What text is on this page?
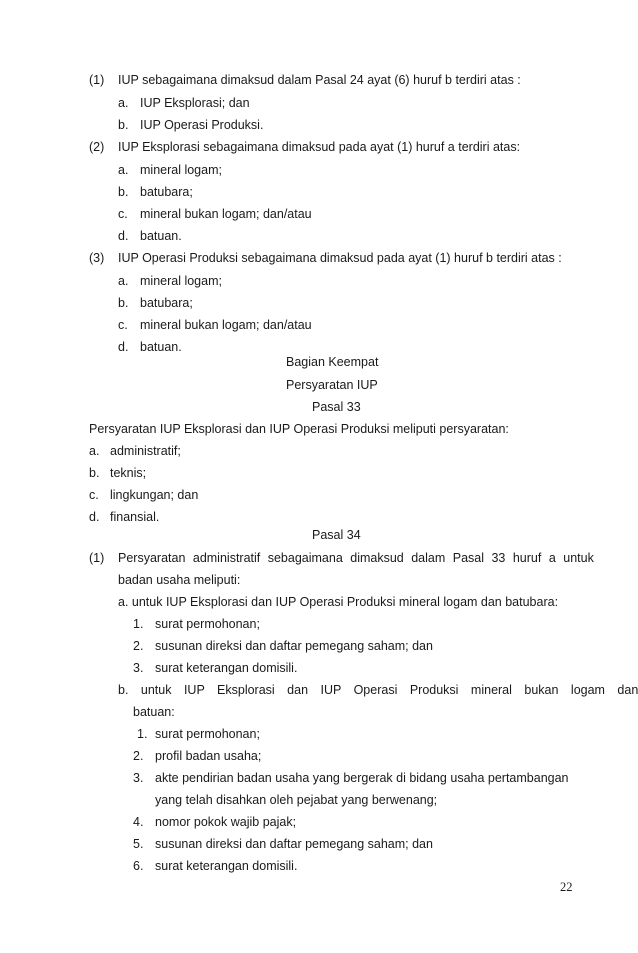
(1) IUP sebagaimana dimaksud dalam Pasal 24 ayat (6) huruf b terdiri atas :
a. IUP Eksplorasi; dan
b. IUP Operasi Produksi.
(2) IUP Eksplorasi sebagaimana dimaksud pada ayat (1) huruf a terdiri atas:
a. mineral logam;
b. batubara;
c. mineral bukan logam; dan/atau
d. batuan.
(3) IUP Operasi Produksi sebagaimana dimaksud pada ayat (1) huruf b terdiri atas :
a. mineral logam;
b. batubara;
c. mineral bukan logam; dan/atau
d. batuan.
Bagian Keempat
Persyaratan IUP
Pasal 33
Persyaratan IUP Eksplorasi dan IUP Operasi Produksi meliputi persyaratan:
a. administratif;
b. teknis;
c. lingkungan; dan
d. finansial.
Pasal 34
(1) Persyaratan administratif sebagaimana dimaksud dalam Pasal 33 huruf a untuk
badan usaha meliputi:
a. untuk IUP Eksplorasi dan IUP Operasi Produksi mineral logam dan batubara:
1. surat permohonan;
2. susunan direksi dan daftar pemegang saham; dan
3. surat keterangan domisili.
b. untuk IUP Eksplorasi dan IUP Operasi Produksi mineral bukan logam dan
batuan:
1. surat permohonan;
2. profil badan usaha;
3. akte pendirian badan usaha yang bergerak di bidang usaha pertambangan
yang telah disahkan oleh pejabat yang berwenang;
4. nomor pokok wajib pajak;
5. susunan direksi dan daftar pemegang saham; dan
6. surat keterangan domisili.
22
